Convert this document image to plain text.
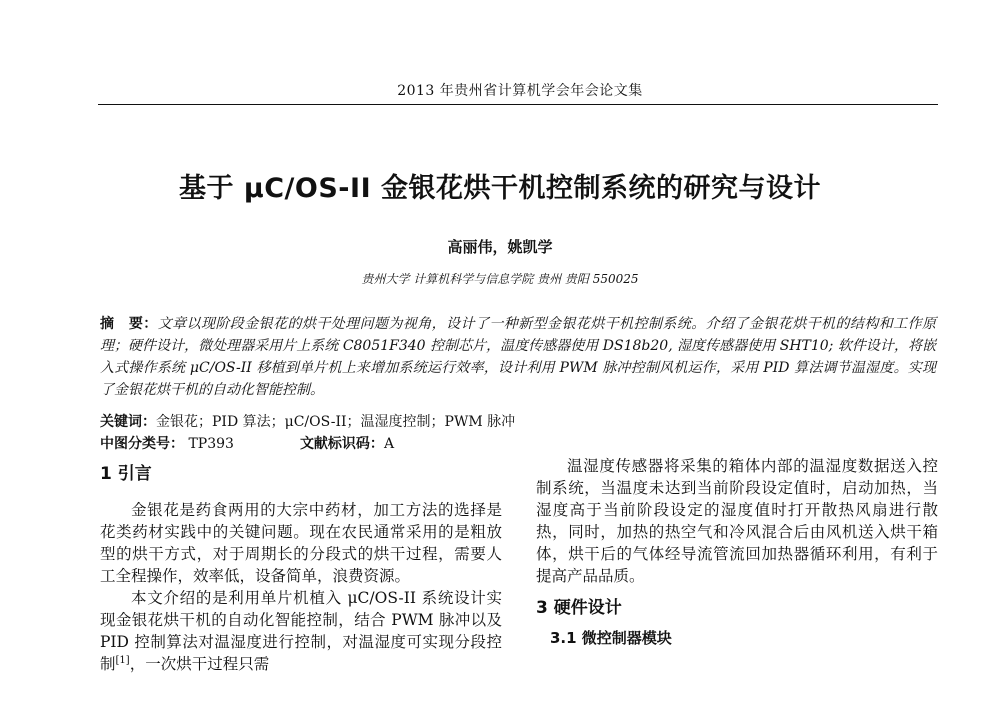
2013 年贵州省计算机学会年会论文集
基于 μC/OS-II 金银花烘干机控制系统的研究与设计
高丽伟，姚凯学
贵州大学 计算机科学与信息学院 贵州 贵阳 550025
摘　要：文章以现阶段金银花的烘干处理问题为视角，设计了一种新型金银花烘干机控制系统。介绍了金银花烘干机的结构和工作原理；硬件设计，微处理器采用片上系统 C8051F340 控制芯片，温度传感器使用 DS18b20, 湿度传感器使用 SHT10; 软件设计，将嵌入式操作系统 μC/OS-II 移植到单片机上来增加系统运行效率，设计利用 PWM 脉冲控制风机运作，采用 PID 算法调节温湿度。实现了金银花烘干机的自动化智能控制。
关键词：金银花；PID 算法；μC/OS-II；温湿度控制；PWM 脉冲
中图分类号： TP393	文献标识码：A
1 引言

金银花是药食两用的大宗中药材，加工方法的选择是花类药材实践中的关键问题。现在农民通常采用的是粗放型的烘干方式，对于周期长的分段式的烘干过程，需要人工全程操作，效率低，设备简单，浪费资源。

本文介绍的是利用单片机植入 μC/OS-II 系统设计实现金银花烘干机的自动化智能控制，结合 PWM 脉冲以及 PID 控制算法对温湿度进行控制，对温湿度可实现分段控制[1]，一次烘干过程只需

温湿度传感器将采集的箱体内部的温湿度数据送入控制系统，当温度未达到当前阶段设定值时，启动加热，当湿度高于当前阶段设定的湿度值时打开散热风扇进行散热，同时，加热的热空气和冷风混合后由风机送入烘干箱体，烘干后的气体经导流管流回加热器循环利用，有利于提高产品品质。

3 硬件设计
3.1 微控制器模块
